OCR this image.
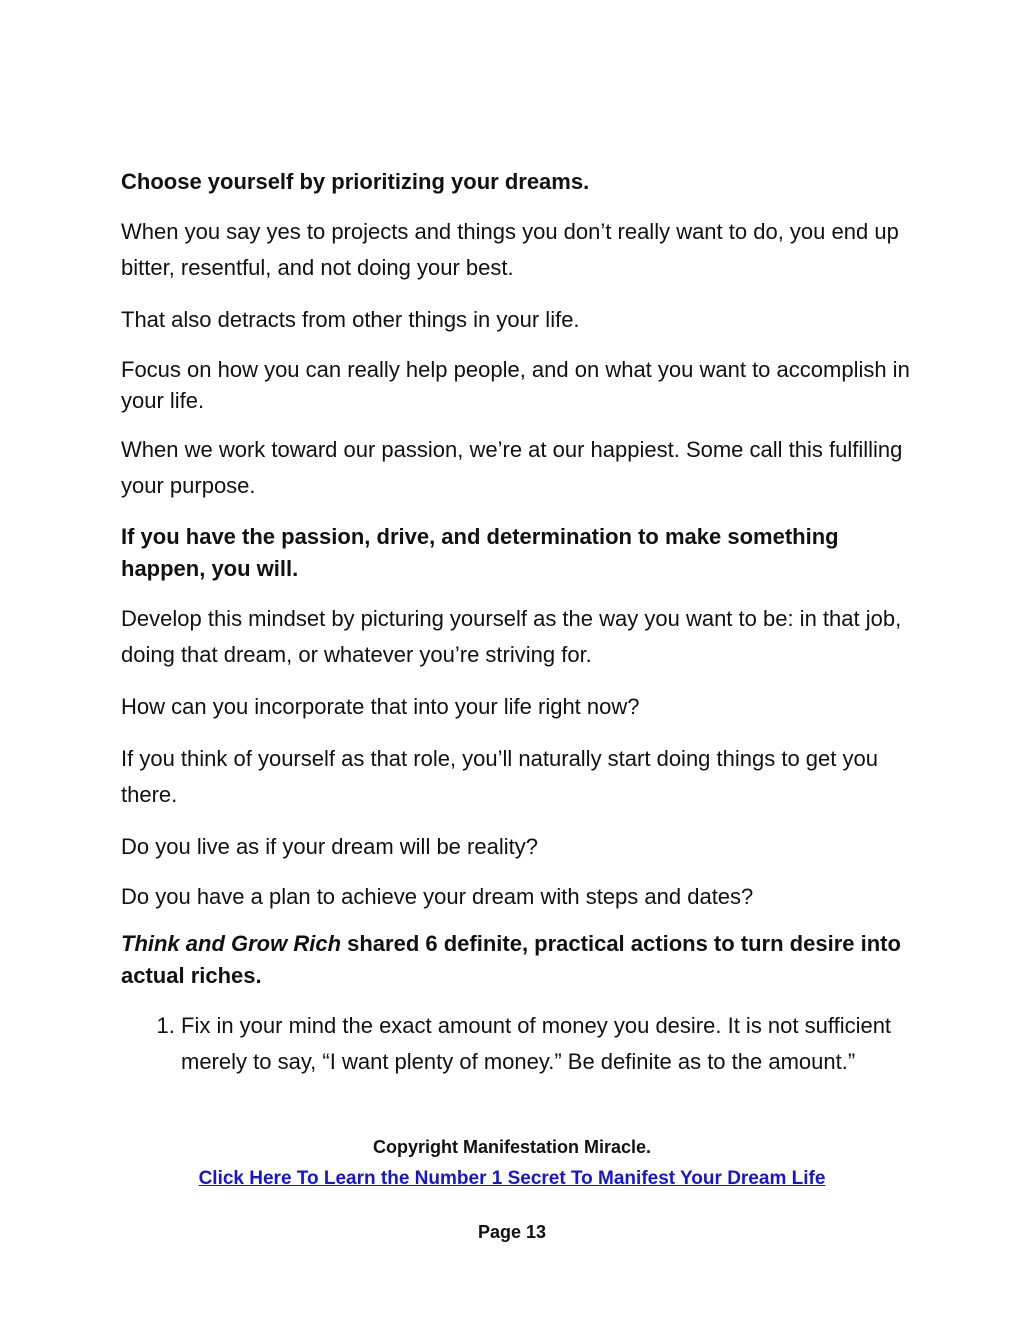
Choose yourself by prioritizing your dreams.

When you say yes to projects and things you don’t really want to do, you end up bitter, resentful, and not doing your best.

That also detracts from other things in your life.

Focus on how you can really help people, and on what you want to accomplish in your life.

When we work toward our passion, we’re at our happiest. Some call this fulfilling your purpose.

If you have the passion, drive, and determination to make something happen, you will.

Develop this mindset by picturing yourself as the way you want to be: in that job, doing that dream, or whatever you’re striving for.

How can you incorporate that into your life right now?

If you think of yourself as that role, you’ll naturally start doing things to get you there.

Do you live as if your dream will be reality?

Do you have a plan to achieve your dream with steps and dates?

Think and Grow Rich shared 6 definite, practical actions to turn desire into actual riches.

1. Fix in your mind the exact amount of money you desire. It is not sufficient merely to say, “I want plenty of money.” Be definite as to the amount.”
Copyright Manifestation Miracle.
Click Here To Learn the Number 1 Secret To Manifest Your Dream Life
Page 13
